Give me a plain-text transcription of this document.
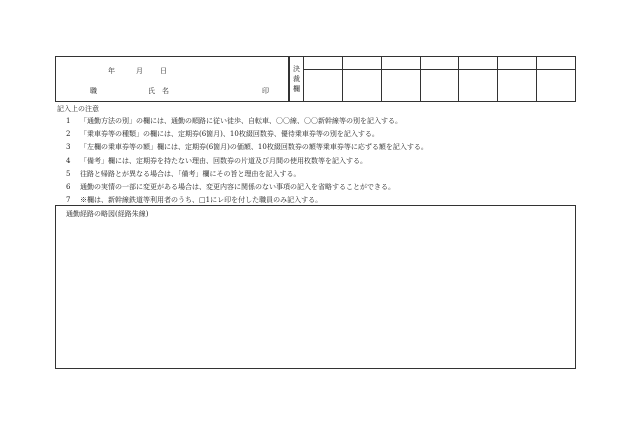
年	月 日
職	氏　名	印
決
裁
欄
記入上の注意
1	「通勤方法の別」の欄には、通勤の順路に従い徒歩、自転車、〇〇線、〇〇新幹線等の別を記入する。
2	「乗車券等の種類」の欄には、定期券(6箇月)、10枚綴回数券、優待乗車券等の別を記入する。
3	「左欄の乗車券等の額」欄には、定期券(6箇月)の価額、10枚綴回数券の額等乗車券等に応ずる額を記入する。
4	「備考」欄には、定期券を持たない理由、回数券の片道及び月間の使用枚数等を記入する。
5	往路と帰路とが異なる場合は、「備考」欄にその旨と理由を記入する。
6	通勤の実情の一部に変更がある場合は、変更内容に関係のない事項の記入を省略することができる。
7	※欄は、新幹線鉄道等利用者のうち、□1にレ印を付した職員のみ記入する。
通勤経路の略図(経路朱線)
